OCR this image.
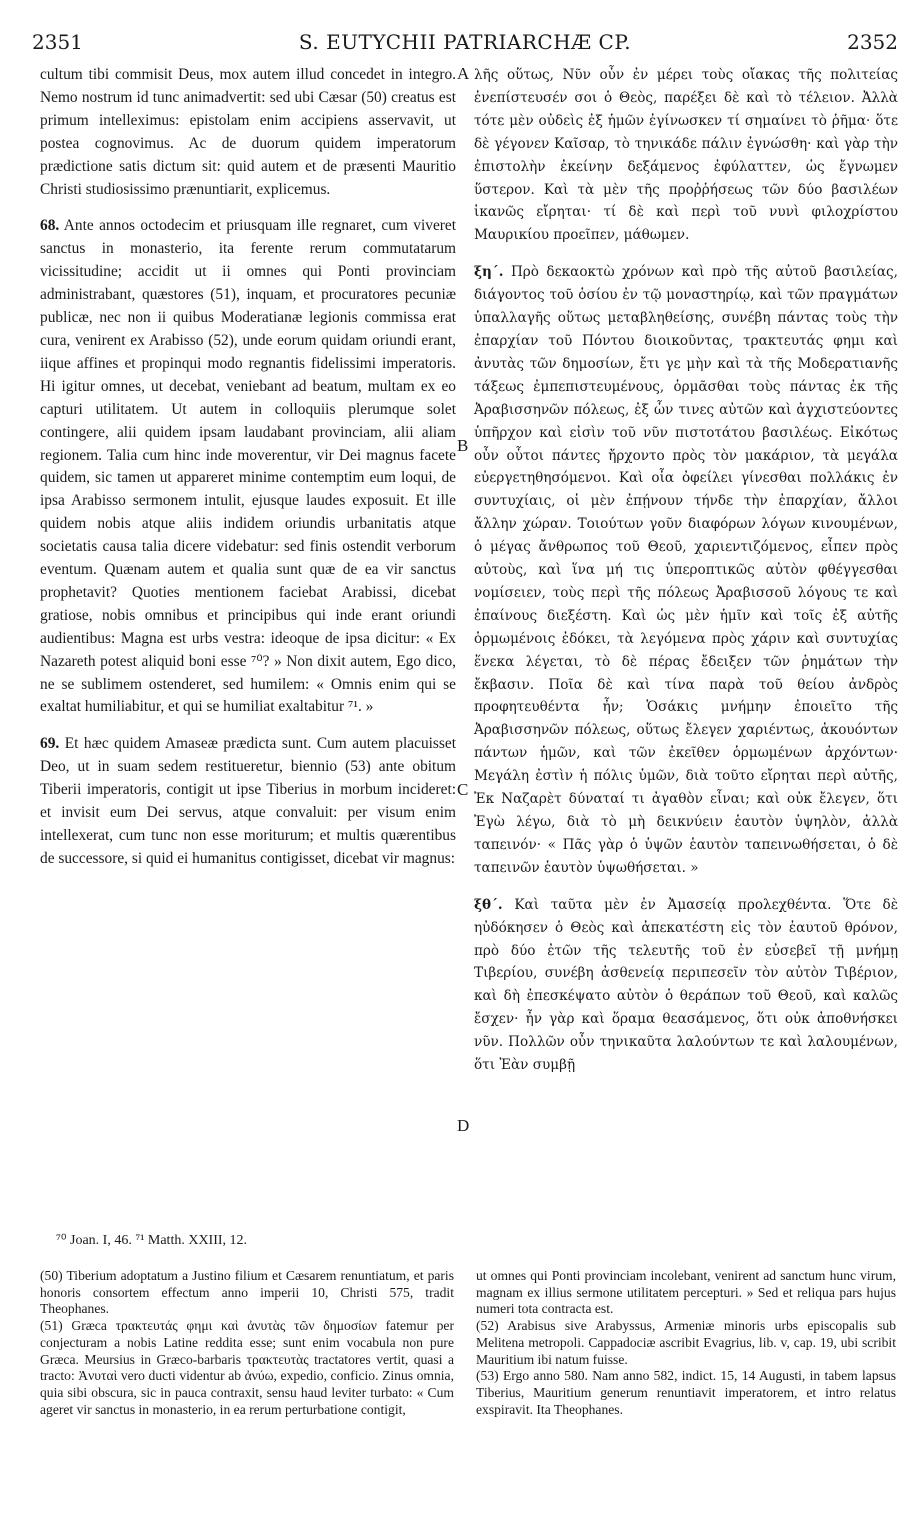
2351	S. EUTYCHII PATRIARCHÆ CP.	2352

cultum tibi commisit Deus, mox autem illud concedet in integro. Nemo nostrum id tunc animadvertit: sed ubi Cæsar (50) creatus est primum intelleximus: epistolam enim accipiens asservavit, ut postea cognovimus. Ac de duorum quidem imperatorum prædictione satis dictum sit: quid autem et de præsenti Mauritio Christi studiosissimo prænuntiarit, explicemus.

68. Ante annos octodecim et priusquam ille regnaret, cum viveret sanctus in monasterio, ita ferente rerum commutatarum vicissitudine; accidit ut ii omnes qui Ponti provinciam administrabant, quæstores (51), inquam, et procuratores pecuniæ publicæ, nec non ii quibus Moderatianæ legionis commissa erat cura, venirent ex Arabisso (52), unde eorum quidam oriundi erant, iique affines et propinqui modo regnantis fidelissimi imperatoris. Hi igitur omnes, ut decebat, veniebant ad beatum, multam ex eo capturi utilitatem. Ut autem in colloquiis plerumque solet contingere, alii quidem ipsam laudabant provinciam, alii aliam regionem. Talia cum hinc inde moverentur, vir Dei magnus facete quidem, sic tamen ut appareret minime contemptim eum loqui, de ipsa Arabisso sermonem intulit, ejusque laudes exposuit. Et ille quidem nobis atque aliis indidem oriundis urbanitatis atque societatis causa talia dicere videbatur: sed finis ostendit verborum eventum. Quænam autem et qualia sunt quæ de ea vir sanctus prophetavit? Quoties mentionem faciebat Arabissi, dicebat gratiose, nobis omnibus et principibus qui inde erant oriundi audientibus: Magna est urbs vestra: ideoque de ipsa dicitur: « Ex Nazareth potest aliquid boni esse ⁷⁰? » Non dixit autem, Ego dico, ne se sublimem ostenderet, sed humilem: « Omnis enim qui se exaltat humiliabitur, et qui se humiliat exaltabitur ⁷¹. »

69. Et hæc quidem Amaseæ prædicta sunt. Cum autem placuisset Deo, ut in suam sedem restitueretur, biennio (53) ante obitum Tiberii imperatoris, contigit ut ipse Tiberius in morbum incideret: et invisit eum Dei servus, atque convaluit: per visum enim intellexerat, cum tunc non esse moriturum; et multis quærentibus de successore, si quid ei humanitus contigisset, dicebat vir magnus:

A
B
C
D

λῆς οὕτως, Νῦν οὖν ἐν μέρει τοὺς οἴακας τῆς πολιτείας ἐνεπίστευσέν σοι ὁ Θεὸς, παρέξει δὲ καὶ τὸ τέλειον. Ἀλλὰ τότε μὲν οὐδεὶς ἐξ ἡμῶν ἐγίνωσκεν τί σημαίνει τὸ ῥῆμα· ὅτε δὲ γέγονεν Καῖσαρ, τὸ τηνικάδε πάλιν ἐγνώσθη· καὶ γὰρ τὴν ἐπιστολὴν ἐκείνην δεξάμενος ἐφύλαττεν, ὡς ἔγνωμεν ὕστερον. Καὶ τὰ μὲν τῆς προῤῥήσεως τῶν δύο βασιλέων ἱκανῶς εἴρηται· τί δὲ καὶ περὶ τοῦ νυνὶ φιλοχρίστου Μαυρικίου προεῖπεν, μάθωμεν.

ξη΄. Πρὸ δεκαοκτὼ χρόνων καὶ πρὸ τῆς αὐτοῦ βασιλείας, διάγοντος τοῦ ὁσίου ἐν τῷ μοναστηρίῳ, καὶ τῶν πραγμάτων ὑπαλλαγῆς οὕτως μεταβληθείσης, συνέβη πάντας τοὺς τὴν ἐπαρχίαν τοῦ Πόντου διοικοῦντας, τρακτευτάς φημι καὶ ἀνυτὰς τῶν δημοσίων, ἔτι γε μὴν καὶ τὰ τῆς Μοδερατιανῆς τάξεως ἐμπεπιστευμένους, ὁρμᾶσθαι τοὺς πάντας ἐκ τῆς Ἀραβισσηνῶν πόλεως, ἐξ ὧν τινες αὐτῶν καὶ ἀγχιστεύοντες ὑπῆρχον καὶ εἰσὶν τοῦ νῦν πιστοτάτου βασιλέως. Εἰκότως οὖν οὗτοι πάντες ἤρχοντο πρὸς τὸν μακάριον, τὰ μεγάλα εὐεργετηθησόμενοι. Καὶ οἷα ὀφείλει γίνεσθαι πολλάκις ἐν συντυχίαις, οἱ μὲν ἐπῄνουν τήνδε τὴν ἐπαρχίαν, ἄλλοι ἄλλην χώραν. Τοιούτων γοῦν διαφόρων λόγων κινουμένων, ὁ μέγας ἄνθρωπος τοῦ Θεοῦ, χαριεντιζόμενος, εἶπεν πρὸς αὐτοὺς, καὶ ἵνα μή τις ὑπεροπτικῶς αὐτὸν φθέγγεσθαι νομίσειεν, τοὺς περὶ τῆς πόλεως Ἀραβισσοῦ λόγους τε καὶ ἐπαίνους διεξέστη. Καὶ ὡς μὲν ἡμῖν καὶ τοῖς ἐξ αὐτῆς ὁρμωμένοις ἐδόκει, τὰ λεγόμενα πρὸς χάριν καὶ συντυχίας ἕνεκα λέγεται, τὸ δὲ πέρας ἔδειξεν τῶν ῥημάτων τὴν ἔκβασιν. Ποῖα δὲ καὶ τίνα παρὰ τοῦ θείου ἀνδρὸς προφητευθέντα ἦν; Ὁσάκις μνήμην ἐποιεῖτο τῆς Ἀραβισσηνῶν πόλεως, οὕτως ἔλεγεν χαριέντως, ἀκουόντων πάντων ἡμῶν, καὶ τῶν ἐκεῖθεν ὁρμωμένων ἀρχόντων· Μεγάλη ἐστὶν ἡ πόλις ὑμῶν, διὰ τοῦτο εἴρηται περὶ αὐτῆς, Ἐκ Ναζαρὲτ δύναταί τι ἀγαθὸν εἶναι; καὶ οὐκ ἔλεγεν, ὅτι Ἐγὼ λέγω, διὰ τὸ μὴ δεικνύειν ἑαυτὸν ὑψηλὸν, ἀλλὰ ταπεινόν· « Πᾶς γὰρ ὁ ὑψῶν ἑαυτὸν ταπεινωθήσεται, ὁ δὲ ταπεινῶν ἑαυτὸν ὑψωθήσεται. »

ξθ΄. Καὶ ταῦτα μὲν ἐν Ἀμασείᾳ προλεχθέντα. Ὅτε δὲ ηὐδόκησεν ὁ Θεὸς καὶ ἀπεκατέστη εἰς τὸν ἑαυτοῦ θρόνον, πρὸ δύο ἐτῶν τῆς τελευτῆς τοῦ ἐν εὐσεβεῖ τῇ μνήμῃ Τιβερίου, συνέβη ἀσθενείᾳ περιπεσεῖν τὸν αὐτὸν Τιβέριον, καὶ δὴ ἐπεσκέψατο αὐτὸν ὁ θεράπων τοῦ Θεοῦ, καὶ καλῶς ἔσχεν· ἦν γὰρ καὶ ὅραμα θεασάμενος, ὅτι οὐκ ἀποθνήσκει νῦν. Πολλῶν οὖν τηνικαῦτα λαλούντων τε καὶ λαλουμένων, ὅτι Ἐὰν συμβῇ

⁷⁰ Joan. I, 46. ⁷¹ Matth. XXIII, 12.

(50) Tiberium adoptatum a Justino filium et Cæsarem renuntiatum, et paris honoris consortem effectum anno imperii 10, Christi 575, tradit Theophanes.

(51) Græca τρακτευτάς φημι καὶ ἀνυτὰς τῶν δημοσίων fatemur per conjecturam a nobis Latine reddita esse; sunt enim vocabula non pure Græca. Meursius in Græco-barbaris τρακτευτὰς tractatores vertit, quasi a tracto: Ἀνυταὶ vero ducti videntur ab ἀνύω, expedio, conficio. Zinus omnia, quia sibi obscura, sic in pauca contraxit, sensu haud leviter turbato: « Cum ageret vir sanctus in monasterio, in ea rerum perturbatione contigit,

ut omnes qui Ponti provinciam incolebant, venirent ad sanctum hunc virum, magnam ex illius sermone utilitatem percepturi. » Sed et reliqua pars hujus numeri tota contracta est.

(52) Arabisus sive Arabyssus, Armeniæ minoris urbs episcopalis sub Melitena metropoli. Cappadociæ ascribit Evagrius, lib. v, cap. 19, ubi scribit Mauritium ibi natum fuisse.

(53) Ergo anno 580. Nam anno 582, indict. 15, 14 Augusti, in tabem lapsus Tiberius, Mauritium generum renuntiavit imperatorem, et intro relatus exspiravit. Ita Theophanes.
